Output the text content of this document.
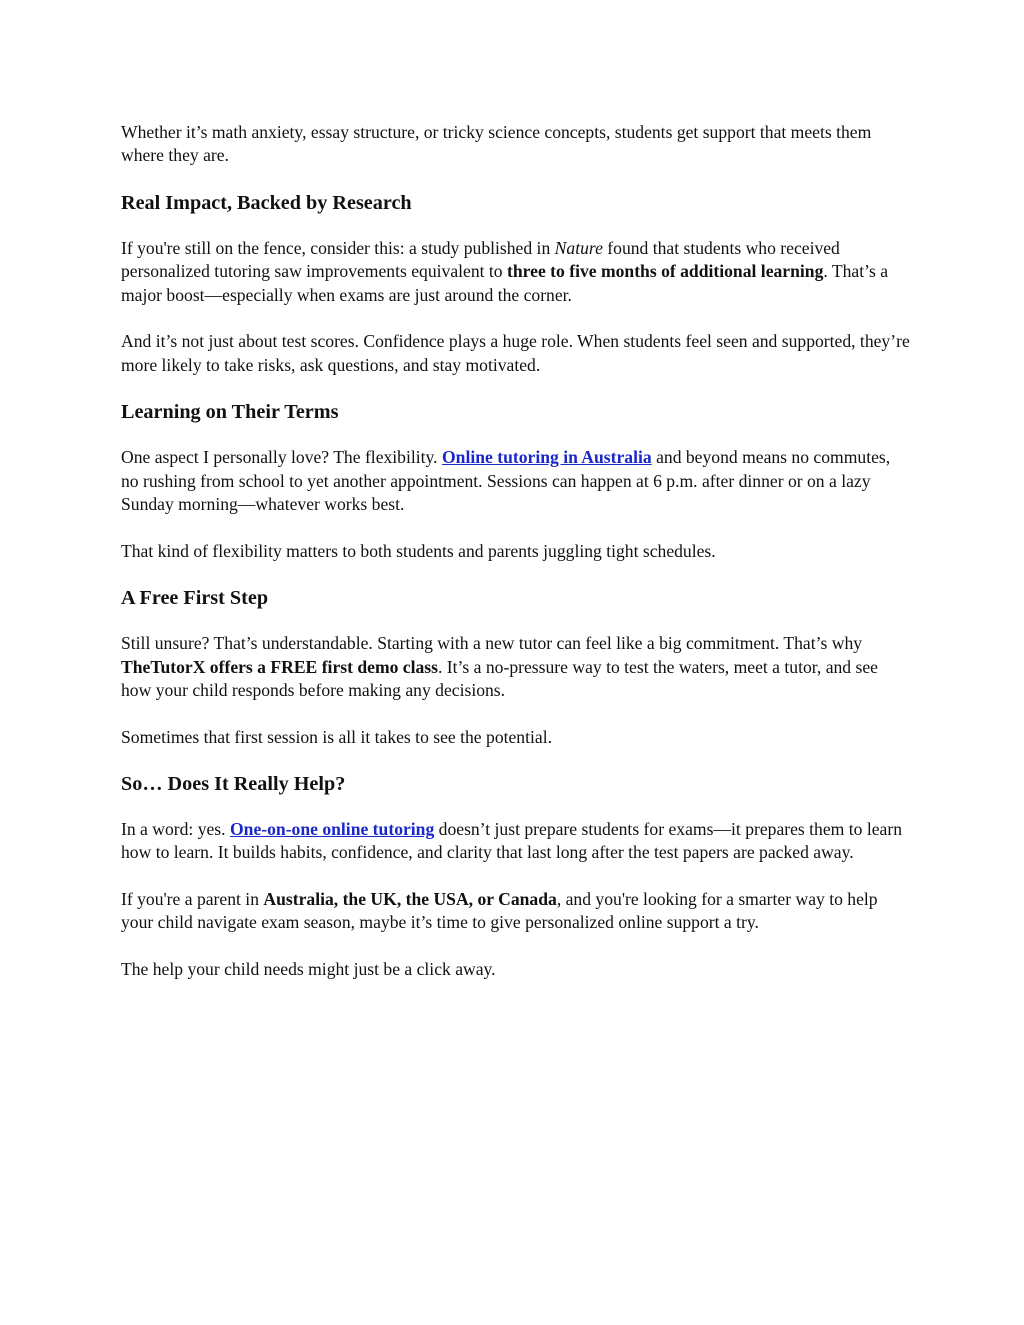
Whether it’s math anxiety, essay structure, or tricky science concepts, students get support that meets them where they are.

Real Impact, Backed by Research

If you're still on the fence, consider this: a study published in Nature found that students who received personalized tutoring saw improvements equivalent to three to five months of additional learning. That’s a major boost—especially when exams are just around the corner.

And it’s not just about test scores. Confidence plays a huge role. When students feel seen and supported, they’re more likely to take risks, ask questions, and stay motivated.

Learning on Their Terms

One aspect I personally love? The flexibility. Online tutoring in Australia and beyond means no commutes, no rushing from school to yet another appointment. Sessions can happen at 6 p.m. after dinner or on a lazy Sunday morning—whatever works best.

That kind of flexibility matters to both students and parents juggling tight schedules.

A Free First Step

Still unsure? That’s understandable. Starting with a new tutor can feel like a big commitment. That’s why TheTutorX offers a FREE first demo class. It’s a no-pressure way to test the waters, meet a tutor, and see how your child responds before making any decisions.

Sometimes that first session is all it takes to see the potential.

So… Does It Really Help?

In a word: yes. One-on-one online tutoring doesn’t just prepare students for exams—it prepares them to learn how to learn. It builds habits, confidence, and clarity that last long after the test papers are packed away.

If you're a parent in Australia, the UK, the USA, or Canada, and you're looking for a smarter way to help your child navigate exam season, maybe it’s time to give personalized online support a try.

The help your child needs might just be a click away.
